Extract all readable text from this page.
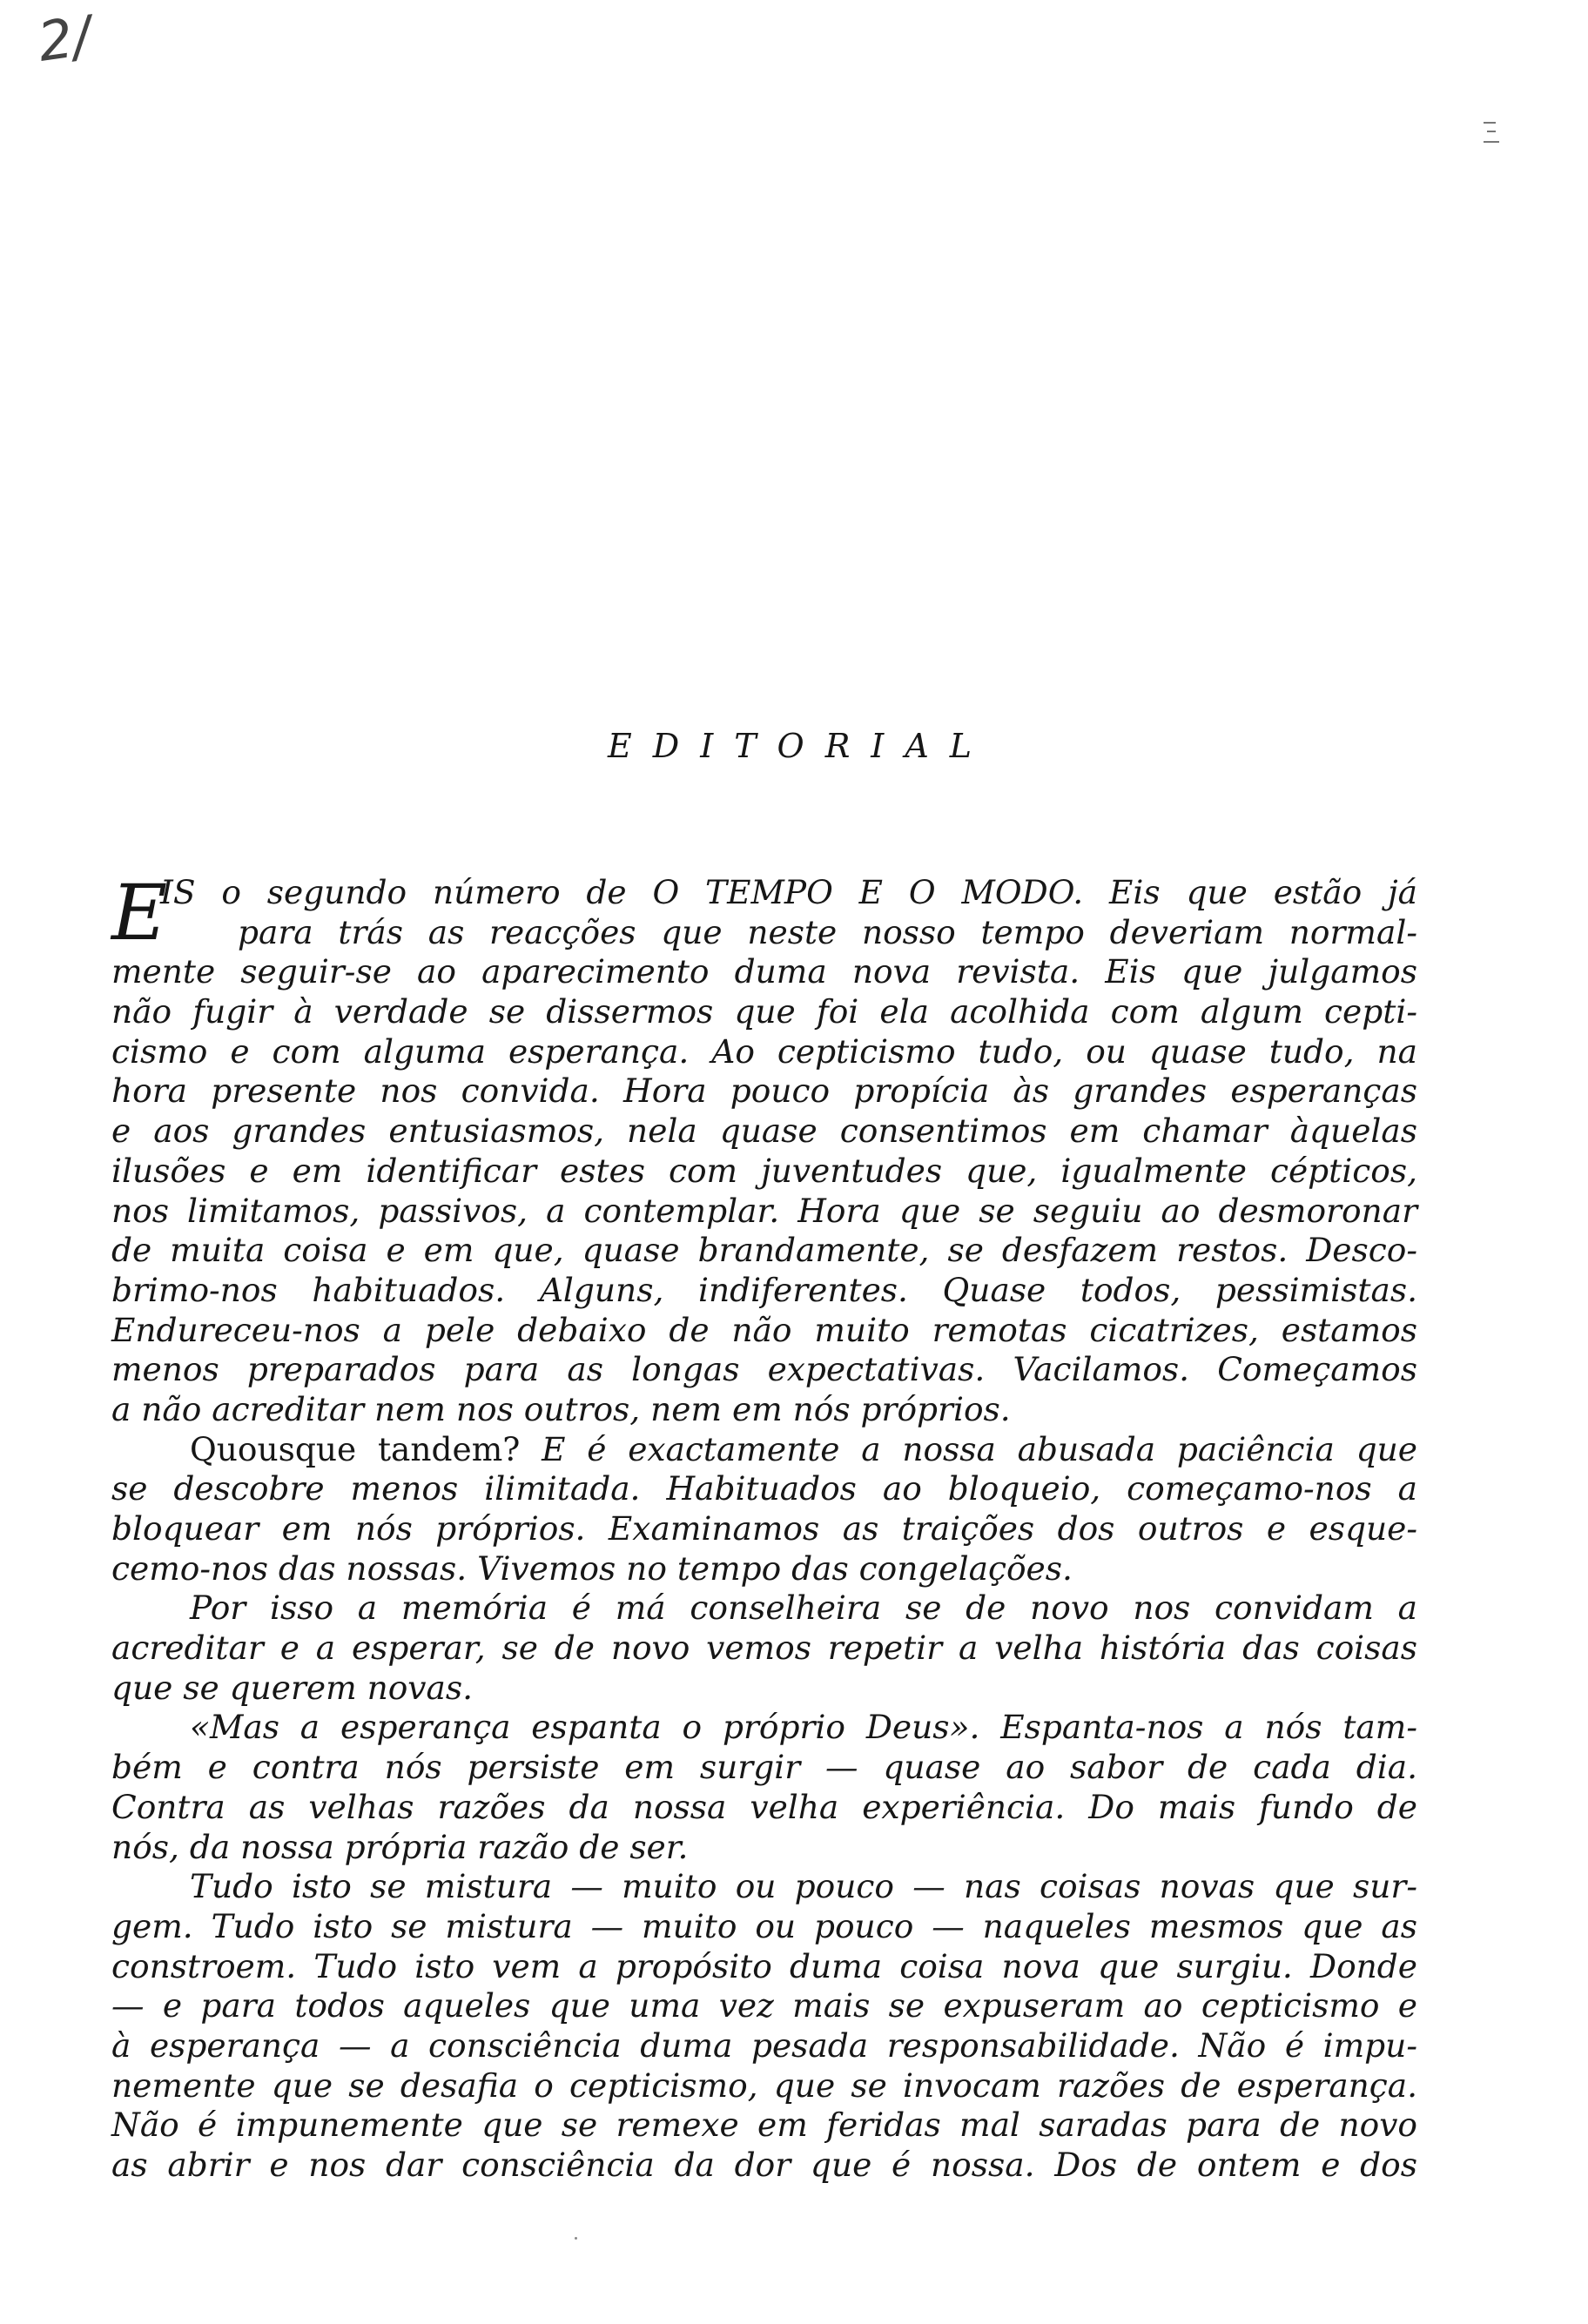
2/
EDITORIAL
E
IS o segundo número de O TEMPO E O MODO. Eis que estão já
para trás as reacções que neste nosso tempo deveriam normal-
mente seguir-se ao aparecimento duma nova revista. Eis que julgamos
não fugir à verdade se dissermos que foi ela acolhida com algum cepti-
cismo e com alguma esperança. Ao cepticismo tudo, ou quase tudo, na
hora presente nos convida. Hora pouco propícia às grandes esperanças
e aos grandes entusiasmos, nela quase consentimos em chamar àquelas
ilusões e em identificar estes com juventudes que, igualmente cépticos,
nos limitamos, passivos, a contemplar. Hora que se seguiu ao desmoronar
de muita coisa e em que, quase brandamente, se desfazem restos. Desco-
brimo-nos habituados. Alguns, indiferentes. Quase todos, pessimistas.
Endureceu-nos a pele debaixo de não muito remotas cicatrizes, estamos
menos preparados para as longas expectativas. Vacilamos. Começamos
a não acreditar nem nos outros, nem em nós próprios.
Quousque tandem? E é exactamente a nossa abusada paciência que
se descobre menos ilimitada. Habituados ao bloqueio, começamo-nos a
bloquear em nós próprios. Examinamos as traições dos outros e esque-
cemo-nos das nossas. Vivemos no tempo das congelações.
Por isso a memória é má conselheira se de novo nos convidam a
acreditar e a esperar, se de novo vemos repetir a velha história das coisas
que se querem novas.
«Mas a esperança espanta o próprio Deus». Espanta-nos a nós tam-
bém e contra nós persiste em surgir — quase ao sabor de cada dia.
Contra as velhas razões da nossa velha experiência. Do mais fundo de
nós, da nossa própria razão de ser.
Tudo isto se mistura — muito ou pouco — nas coisas novas que sur-
gem. Tudo isto se mistura — muito ou pouco — naqueles mesmos que as
constroem. Tudo isto vem a propósito duma coisa nova que surgiu. Donde
— e para todos aqueles que uma vez mais se expuseram ao cepticismo e
à esperança — a consciência duma pesada responsabilidade. Não é impu-
nemente que se desafia o cepticismo, que se invocam razões de esperança.
Não é impunemente que se remexe em feridas mal saradas para de novo
as abrir e nos dar consciência da dor que é nossa. Dos de ontem e dos
